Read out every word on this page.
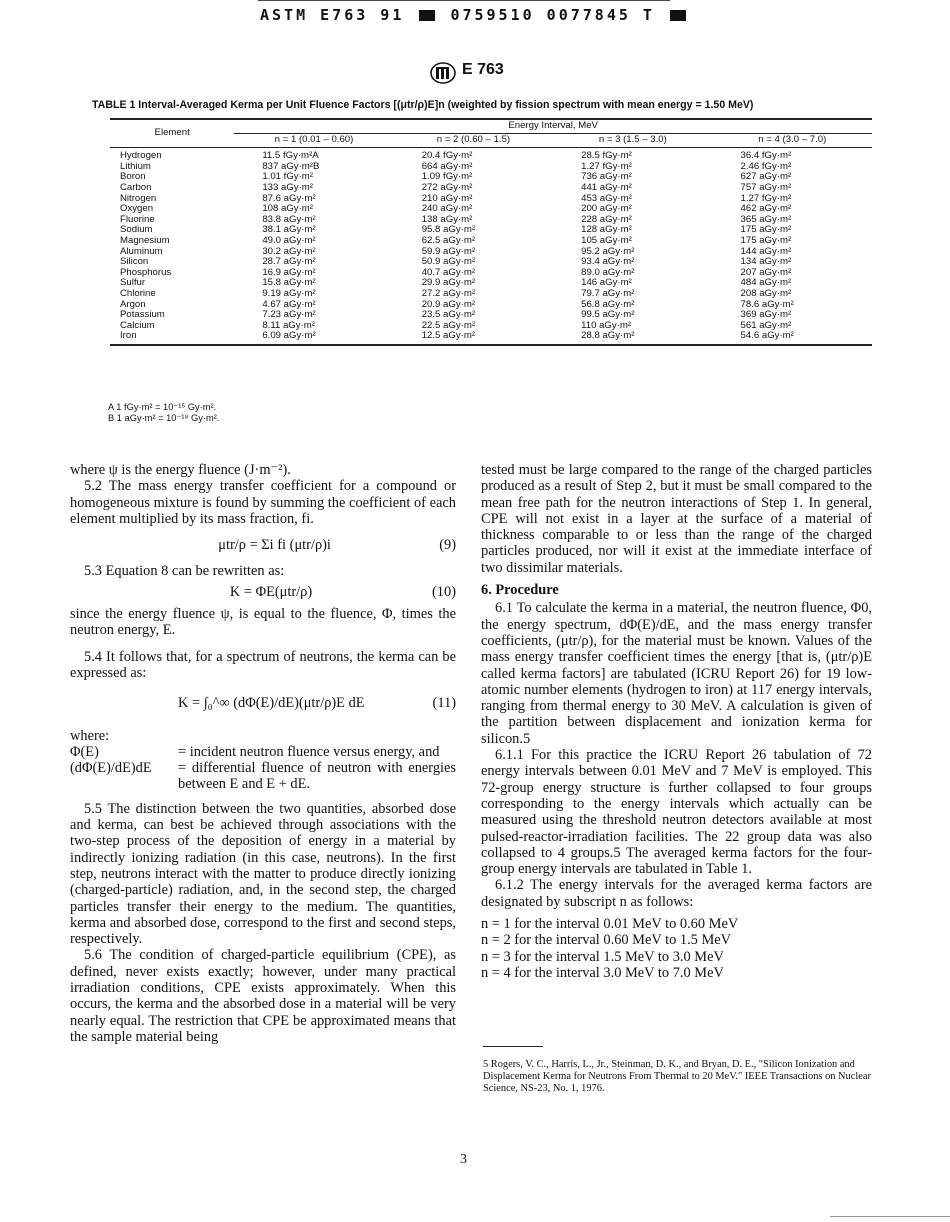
ASTM E763 91	0759510 0077845 T
E 763
TABLE 1 Interval-Averaged Kerma per Unit Fluence Factors [(μtr/ρ)E]n (weighted by fission spectrum with mean energy = 1.50 MeV)
Element	Energy Interval, MeV			
	n = 1 (0.01 – 0.60)	n = 2 (0.60 – 1.5)	n = 3 (1.5 – 3.0)	n = 4 (3.0 – 7.0)
Hydrogen	11.5 fGy·m²A	20.4 fGy·m²	28.5 fGy·m²	36.4 fGy·m²
Lithium	837 aGy·m²B	664 aGy·m²	1.27 fGy·m²	2.46 fGy·m²
Boron	1.01 fGy·m²	1.09 fGy·m²	736 aGy·m²	627 aGy·m²
Carbon	133 aGy·m²	272 aGy·m²	441 aGy·m²	757 aGy·m²
Nitrogen	87.6 aGy·m²	210 aGy·m²	453 aGy·m²	1.27 fGy·m²
Oxygen	108 aGy·m²	240 aGy·m²	200 aGy·m²	462 aGy·m²
Fluorine	83.8 aGy·m²	138 aGy·m²	228 aGy·m²	365 aGy·m²
Sodium	38.1 aGy·m²	95.8 aGy·m²	128 aGy·m²	175 aGy·m²
Magnesium	49.0 aGy·m²	62.5 aGy·m²	105 aGy·m²	175 aGy·m²
Aluminum	30.2 aGy·m²	59.9 aGy·m²	95.2 aGy·m²	144 aGy·m²
Silicon	28.7 aGy·m²	50.9 aGy·m²	93.4 aGy·m²	134 aGy·m²
Phosphorus	16.9 aGy·m²	40.7 aGy·m²	89.0 aGy·m²	207 aGy·m²
Sulfur	15.8 aGy·m²	29.9 aGy·m²	146 aGy·m²	484 aGy·m²
Chlorine	9.19 aGy·m²	27.2 aGy·m²	79.7 aGy·m²	208 aGy·m²
Argon	4.67 aGy·m²	20.9 aGy·m²	56.8 aGy·m²	78.6 aGy·m²
Potassium	7.23 aGy·m²	23.5 aGy·m²	99.5 aGy·m²	369 aGy·m²
Calcium	8.11 aGy·m²	22.5 aGy·m²	110 aGy·m²	561 aGy·m²
Iron	6.09 aGy·m²	12.5 aGy·m²	28.8 aGy·m²	54.6 aGy·m²
A 1 fGy·m² = 10⁻¹⁵ Gy·m².
B 1 aGy·m² = 10⁻¹⁸ Gy·m².

where ψ is the energy fluence (J·m⁻²).

5.2 The mass energy transfer coefficient for a compound or homogeneous mixture is found by summing the coefficient of each element multiplied by its mass fraction, fi.

μtr/ρ = Σi fi (μtr/ρ)i	(9)

5.3 Equation 8 can be rewritten as:

K = ΦE(μtr/ρ)	(10)

since the energy fluence ψ, is equal to the fluence, Φ, times the neutron energy, E.

5.4 It follows that, for a spectrum of neutrons, the kerma can be expressed as:

K = ∫₀^∞ (dΦ(E)/dE)(μtr/ρ)E dE	(11)

where:

Φ(E)	= incident neutron fluence versus energy, and
(dΦ(E)/dE)dE	= differential fluence of neutron with energies between E and E + dE.

5.5 The distinction between the two quantities, absorbed dose and kerma, can best be achieved through associations with the two-step process of the deposition of energy in a material by indirectly ionizing radiation (in this case, neutrons). In the first step, neutrons interact with the matter to produce directly ionizing (charged-particle) radiation, and, in the second step, the charged particles transfer their energy to the medium. The quantities, kerma and absorbed dose, correspond to the first and second steps, respectively.

5.6 The condition of charged-particle equilibrium (CPE), as defined, never exists exactly; however, under many practical irradiation conditions, CPE exists approximately. When this occurs, the kerma and the absorbed dose in a material will be very nearly equal. The restriction that CPE be approximated means that the sample material being

tested must be large compared to the range of the charged particles produced as a result of Step 2, but it must be small compared to the mean free path for the neutron interactions of Step 1. In general, CPE will not exist in a layer at the surface of a material of thickness comparable to or less than the range of the charged particles produced, nor will it exist at the immediate interface of two dissimilar materials.

6. Procedure

6.1 To calculate the kerma in a material, the neutron fluence, Φ0, the energy spectrum, dΦ(E)/dE, and the mass energy transfer coefficients, (μtr/ρ), for the material must be known. Values of the mass energy transfer coefficient times the energy [that is, (μtr/ρ)E called kerma factors] are tabulated (ICRU Report 26) for 19 low-atomic number elements (hydrogen to iron) at 117 energy intervals, ranging from thermal energy to 30 MeV. A calculation is given of the partition between displacement and ionization kerma for silicon.5

6.1.1 For this practice the ICRU Report 26 tabulation of 72 energy intervals between 0.01 MeV and 7 MeV is employed. This 72-group energy structure is further collapsed to four groups corresponding to the energy intervals which actually can be measured using the threshold neutron detectors available at most pulsed-reactor-irradiation facilities. The 22 group data was also collapsed to 4 groups.5 The averaged kerma factors for the four-group energy intervals are tabulated in Table 1.

6.1.2 The energy intervals for the averaged kerma factors are designated by subscript n as follows:

n = 1 for the interval 0.01 MeV to 0.60 MeV

n = 2 for the interval 0.60 MeV to 1.5 MeV

n = 3 for the interval 1.5 MeV to 3.0 MeV

n = 4 for the interval 3.0 MeV to 7.0 MeV

5 Rogers, V. C., Harris, L., Jr., Steinman, D. K., and Bryan, D. E., "Silicon Ionization and Displacement Kerma for Neutrons From Thermal to 20 MeV." IEEE Transactions on Nuclear Science, NS-23, No. 1, 1976.
3
